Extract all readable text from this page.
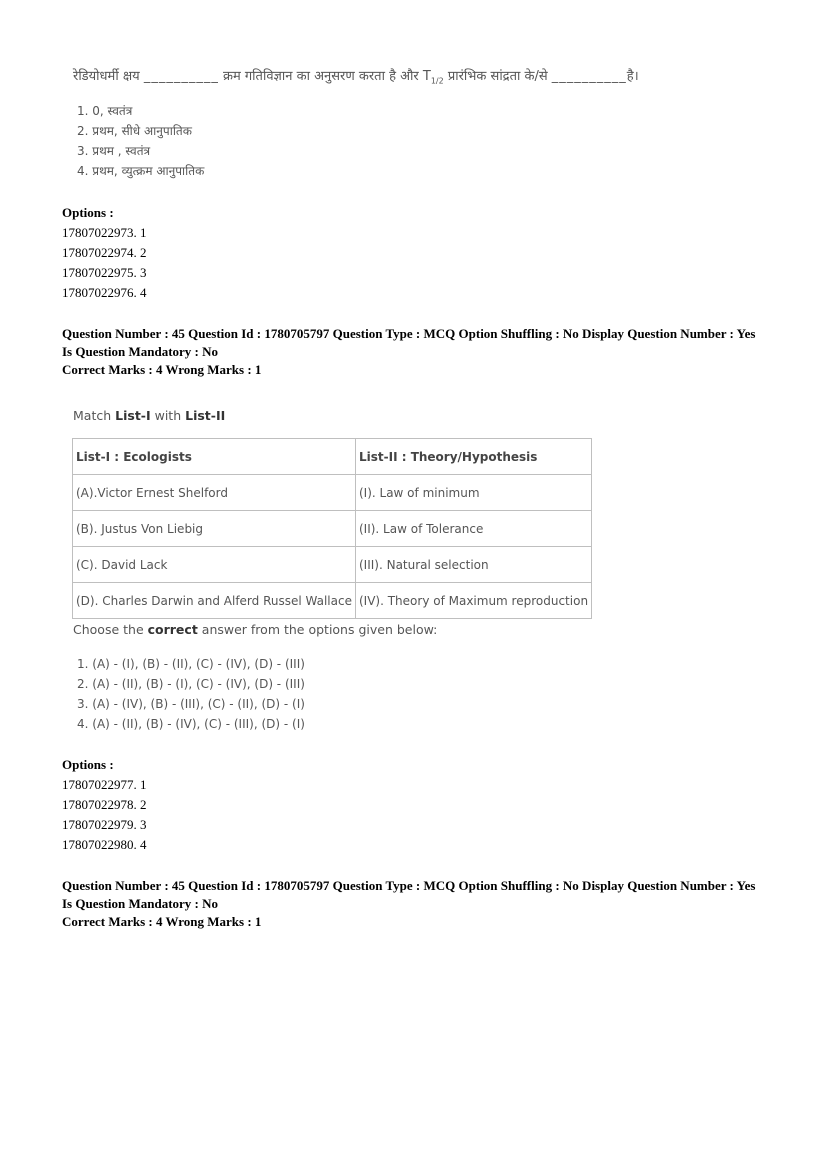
रेडियोधर्मी क्षय __________ क्रम गतिविज्ञान का अनुसरण करता है और $T_{1/2}$ प्रारंभिक सांद्रता के/से __________है।
1. 0, स्वतंत्र
2. प्रथम, सीधे आनुपातिक
3. प्रथम , स्वतंत्र
4. प्रथम, व्युत्क्रम आनुपातिक
Options :
17807022973. 1
17807022974. 2
17807022975. 3
17807022976. 4
Question Number : 45 Question Id : 1780705797 Question Type : MCQ Option Shuffling : No Display Question Number : Yes
Is Question Mandatory : No
Correct Marks : 4 Wrong Marks : 1
Match List-I with List-II
List-I : Ecologists	List-II : Theory/Hypothesis
(A).Victor Ernest Shelford	(I). Law of minimum
(B). Justus Von Liebig	(II). Law of Tolerance
(C). David Lack	(III). Natural selection
(D). Charles Darwin and Alferd Russel Wallace	(IV). Theory of Maximum reproduction
Choose the correct answer from the options given below:
1. (A) - (I), (B) - (II), (C) - (IV), (D) - (III)
2. (A) - (II), (B) - (I), (C) - (IV), (D) - (III)
3. (A) - (IV), (B) - (III), (C) - (II), (D) - (I)
4. (A) - (II), (B) - (IV), (C) - (III), (D) - (I)
Options :
17807022977. 1
17807022978. 2
17807022979. 3
17807022980. 4
Question Number : 45 Question Id : 1780705797 Question Type : MCQ Option Shuffling : No Display Question Number : Yes
Is Question Mandatory : No
Correct Marks : 4 Wrong Marks : 1
